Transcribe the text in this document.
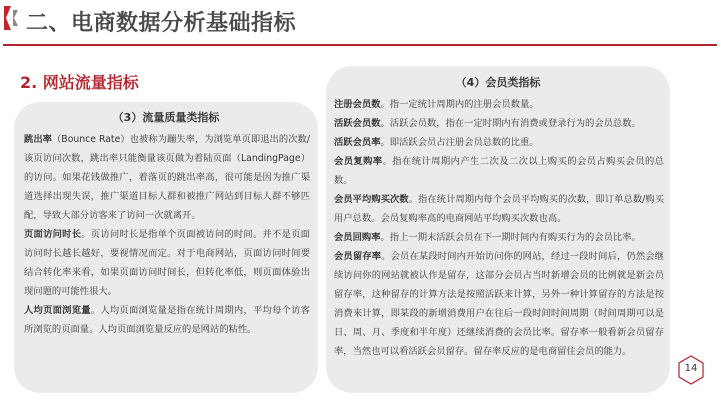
二、电商数据分析基础指标
2. 网站流量指标
（3）流量质量类指标

跳出率（Bounce Rate）也被称为蹦失率，为浏览单页即退出的次数/该页访问次数，跳出率只能衡量该页做为着陆页面（LandingPage）的访问。如果花钱做推广，着落页的跳出率高，很可能是因为推广渠道选择出现失误，推广渠道目标人群和被推广网站到目标人群不够匹配，导致大部分访客来了访问一次就离开。

页面访问时长。页访问时长是指单个页面被访问的时间。并不是页面访问时长越长越好，要视情况而定。对于电商网站，页面访问时间要结合转化率来看，如果页面访问时间长，但转化率低，则页面体验出现问题的可能性很大。

人均页面浏览量。人均页面浏览量是指在统计周期内，平均每个访客所浏览的页面量。人均页面浏览量反应的是网站的粘性。

（4）会员类指标

注册会员数。指一定统计周期内的注册会员数量。

活跃会员数。活跃会员数，指在一定时期内有消费或登录行为的会员总数。

活跃会员率。即活跃会员占注册会员总数的比重。

会员复购率。指在统计周期内产生二次及二次以上购买的会员占购买会员的总数。

会员平均购买次数。指在统计周期内每个会员平均购买的次数，即订单总数/购买用户总数。会员复购率高的电商网站平均购买次数也高。

会员回购率。指上一期末活跃会员在下一期时间内有购买行为的会员比率。

会员留存率。会员在某段时间内开始访问你的网站，经过一段时间后，仍然会继续访问你的网站就被认作是留存，这部分会员占当时新增会员的比例就是新会员留存率，这种留存的计算方法是按照活跃来计算，另外一种计算留存的方法是按消费来计算，即某段的新增消费用户在往后一段时间时间周期（时间周期可以是日、周、月、季度和半年度）还继续消费的会员比率。留存率一般看新会员留存率，当然也可以看活跃会员留存。留存率反应的是电商留住会员的能力。

14
